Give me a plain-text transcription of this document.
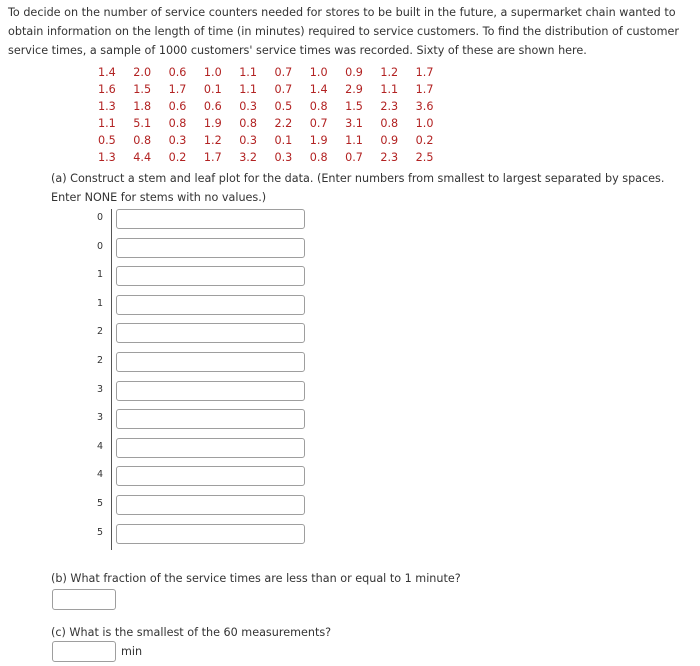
To decide on the number of service counters needed for stores to be built in the future, a supermarket chain wanted to obtain information on the length of time (in minutes) required to service customers. To find the distribution of customer service times, a sample of 1000 customers' service times was recorded. Sixty of these are shown here.

1.4	2.0	0.6	1.0	1.1	0.7	1.0	0.9	1.2	1.7
1.6	1.5	1.7	0.1	1.1	0.7	1.4	2.9	1.1	1.7
1.3	1.8	0.6	0.6	0.3	0.5	0.8	1.5	2.3	3.6
1.1	5.1	0.8	1.9	0.8	2.2	0.7	3.1	0.8	1.0
0.5	0.8	0.3	1.2	0.3	0.1	1.9	1.1	0.9	0.2
1.3	4.4	0.2	1.7	3.2	0.3	0.8	0.7	2.3	2.5

(a) Construct a stem and leaf plot for the data. (Enter numbers from smallest to largest separated by spaces. Enter NONE for stems with no values.)

0
0
1
1
2
2
3
3
4
4
5
5

(b) What fraction of the service times are less than or equal to 1 minute?

(c) What is the smallest of the 60 measurements?

min
